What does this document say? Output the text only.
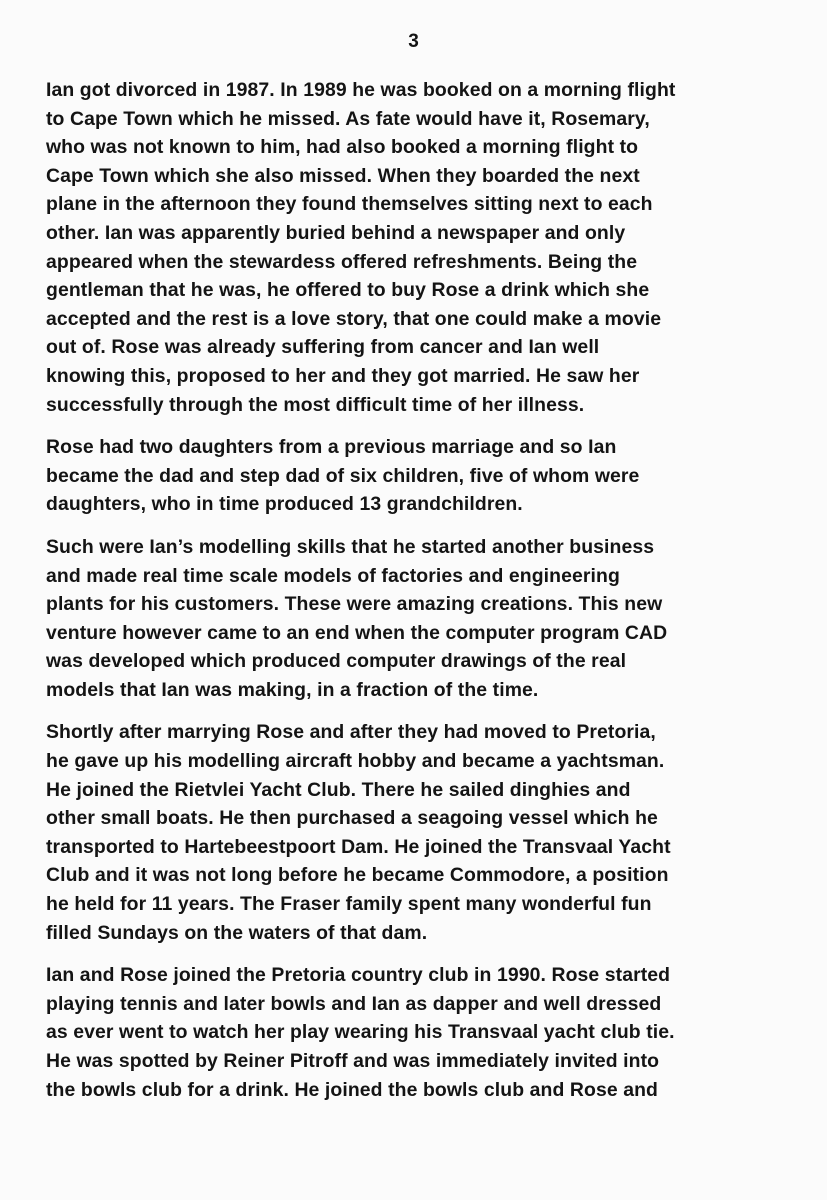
3
Ian got divorced in 1987. In 1989 he was booked on a morning flight
to Cape Town which he missed. As fate would have it, Rosemary,
who was not known to him, had also booked a morning flight to
Cape Town which she also missed. When they boarded the next
plane in the afternoon they found themselves sitting next to each
other. Ian was apparently buried behind a newspaper and only
appeared when the stewardess offered refreshments. Being the
gentleman that he was, he offered to buy Rose a drink which she
accepted and the rest is a love story, that one could make a movie
out of. Rose was already suffering from cancer and Ian well
knowing this, proposed to her and they got married. He saw her
successfully through the most difficult time of her illness.
Rose had two daughters from a previous marriage and so Ian
became the dad and step dad of six children, five of whom were
daughters, who in time produced 13 grandchildren.
Such were Ian’s modelling skills that he started another business
and made real time scale models of factories and engineering
plants for his customers. These were amazing creations. This new
venture however came to an end when the computer program CAD
was developed which produced computer drawings of the real
models that Ian was making, in a fraction of the time.
Shortly after marrying Rose and after they had moved to Pretoria,
he gave up his modelling aircraft hobby and became a yachtsman.
He joined the Rietvlei Yacht Club. There he sailed dinghies and
other small boats. He then purchased a seagoing vessel which he
transported to Hartebeestpoort Dam. He joined the Transvaal Yacht
Club and it was not long before he became Commodore, a position
he held for 11 years. The Fraser family spent many wonderful fun
filled Sundays on the waters of that dam.
Ian and Rose joined the Pretoria country club in 1990. Rose started
playing tennis and later bowls and Ian as dapper and well dressed
as ever went to watch her play wearing his Transvaal yacht club tie.
He was spotted by Reiner Pitroff and was immediately invited into
the bowls club for a drink. He joined the bowls club and Rose and
